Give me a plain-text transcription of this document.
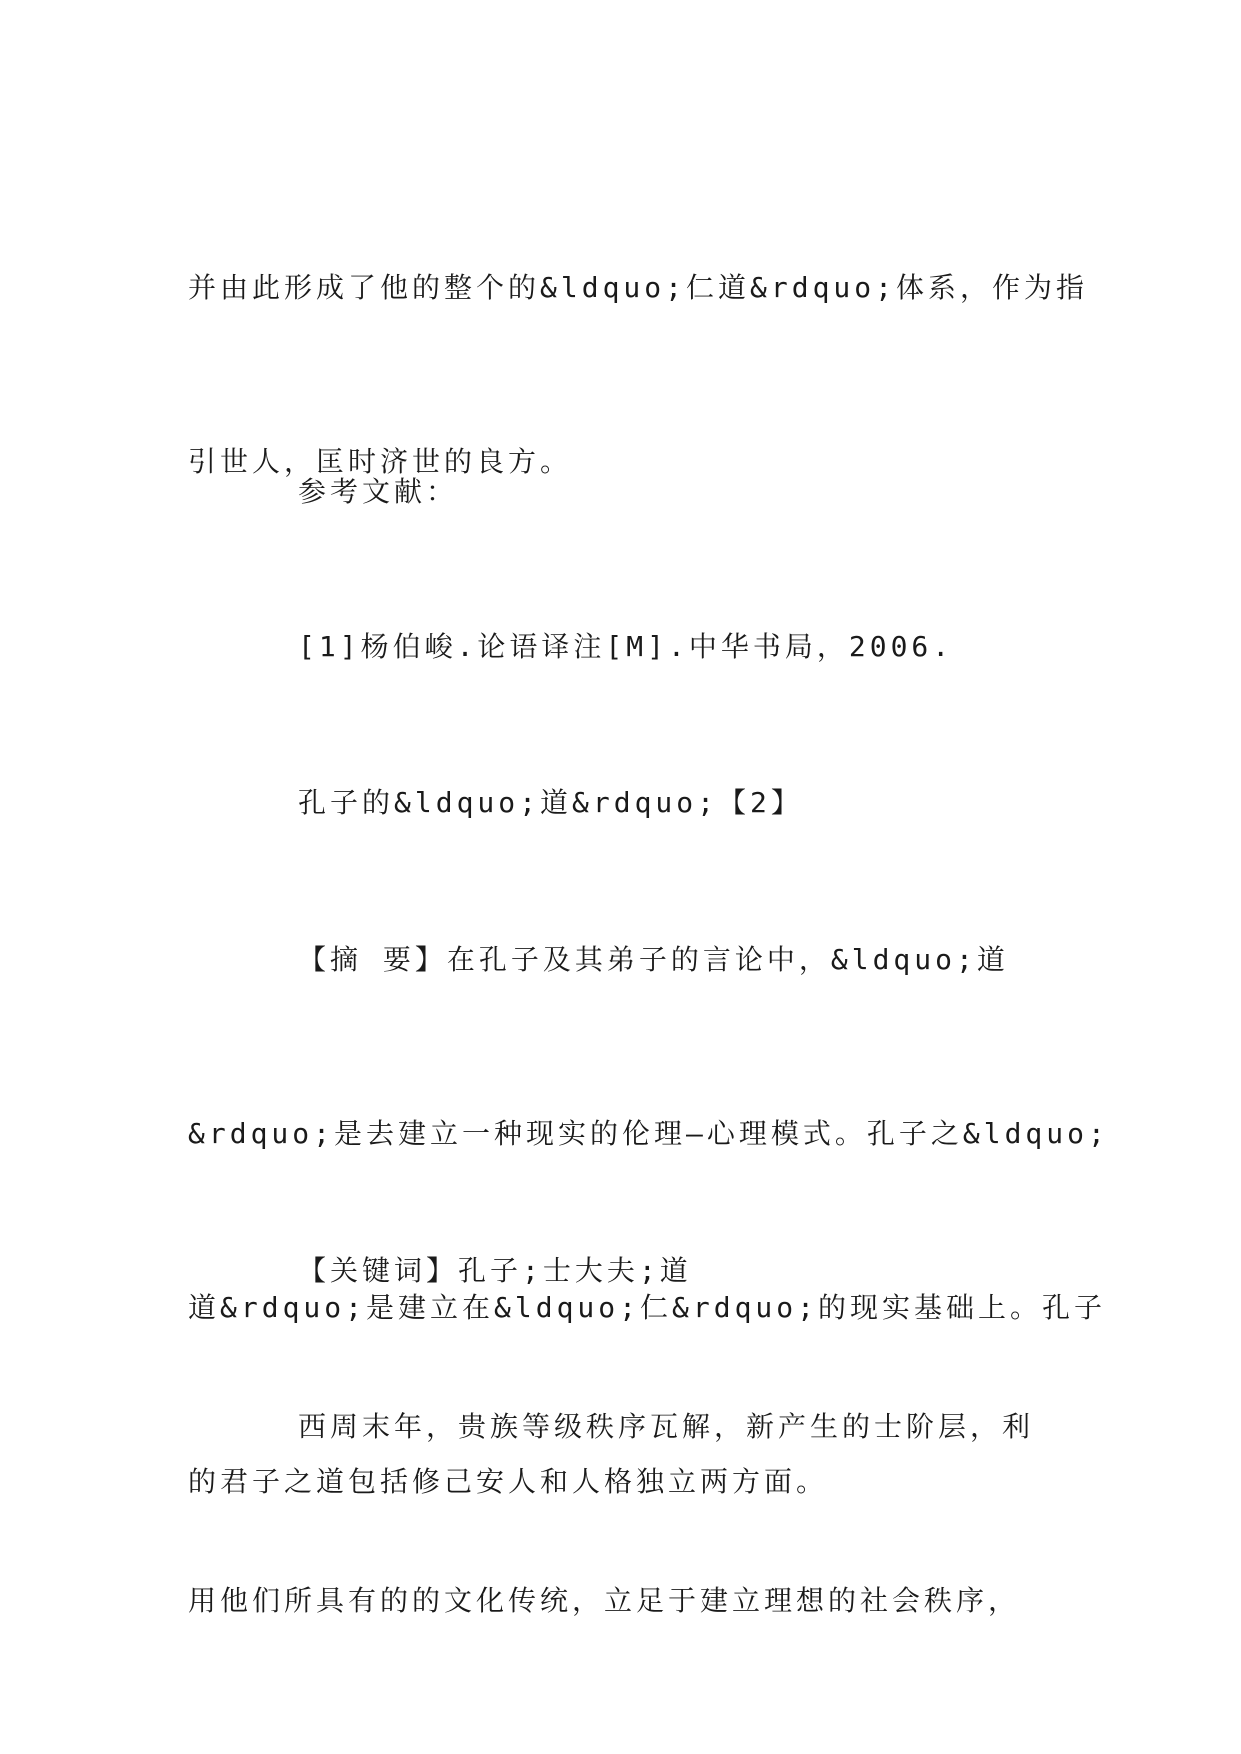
并由此形成了他的整个的&ldquo;仁道&rdquo;体系，作为指

引世人，匡时济世的良方。

参考文献：

[1]杨伯峻.论语译注[M].中华书局，2006.

孔子的&ldquo;道&rdquo;【2】

【摘 要】在孔子及其弟子的言论中，&ldquo;道

&rdquo;是去建立一种现实的伦理—心理模式。孔子之&ldquo;

道&rdquo;是建立在&ldquo;仁&rdquo;的现实基础上。孔子

的君子之道包括修己安人和人格独立两方面。

【关键词】孔子;士大夫;道

西周末年，贵族等级秩序瓦解，新产生的士阶层，利

用他们所具有的的文化传统，立足于建立理想的社会秩序，
